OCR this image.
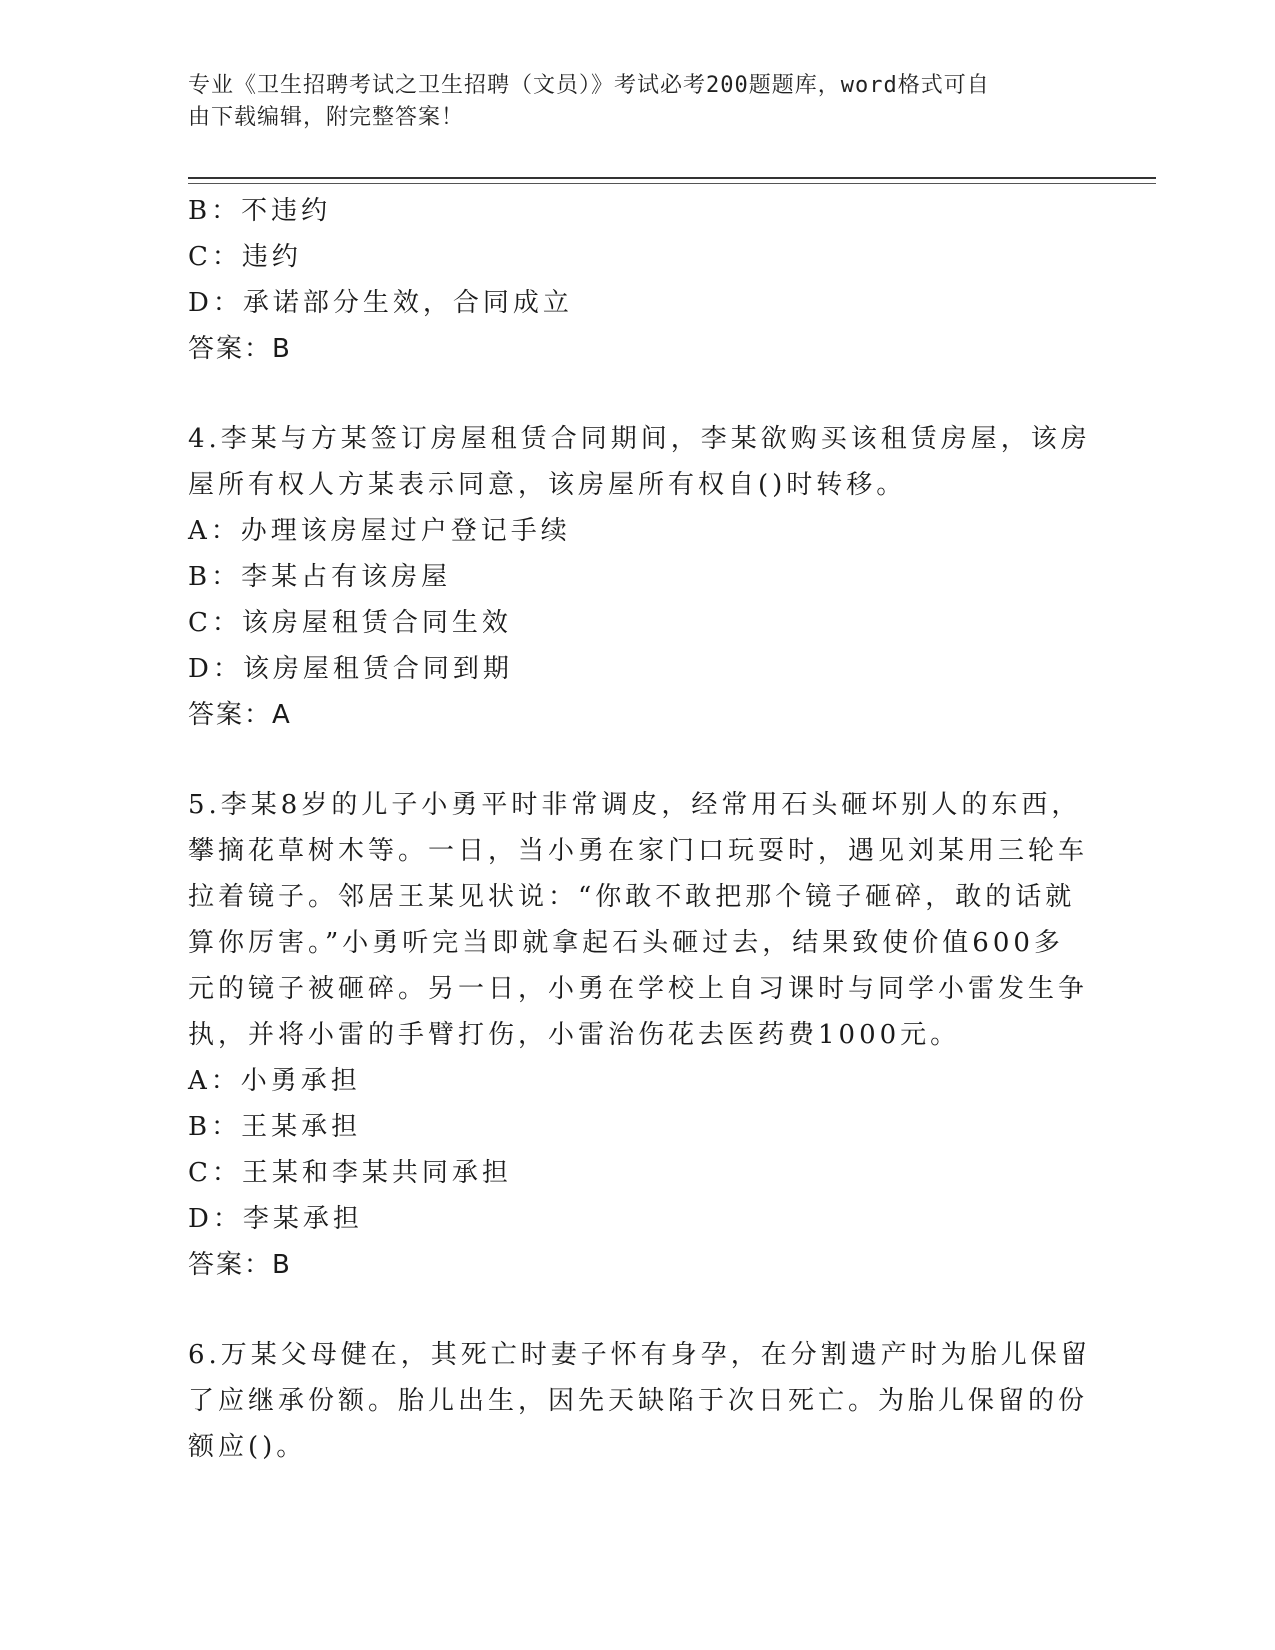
专业《卫生招聘考试之卫生招聘（文员）》考试必考200题题库，word格式可自
由下载编辑，附完整答案！
B：不违约
C：违约
D：承诺部分生效，合同成立
答案：B
4.李某与方某签订房屋租赁合同期间，李某欲购买该租赁房屋，该房
屋所有权人方某表示同意，该房屋所有权自()时转移。
A：办理该房屋过户登记手续
B：李某占有该房屋
C：该房屋租赁合同生效
D：该房屋租赁合同到期
答案：A
5.李某8岁的儿子小勇平时非常调皮，经常用石头砸坏别人的东西，
攀摘花草树木等。一日，当小勇在家门口玩耍时，遇见刘某用三轮车
拉着镜子。邻居王某见状说：“你敢不敢把那个镜子砸碎，敢的话就
算你厉害。”小勇听完当即就拿起石头砸过去，结果致使价值600多
元的镜子被砸碎。另一日，小勇在学校上自习课时与同学小雷发生争
执，并将小雷的手臂打伤，小雷治伤花去医药费1000元。
A：小勇承担
B：王某承担
C：王某和李某共同承担
D：李某承担
答案：B
6.万某父母健在，其死亡时妻子怀有身孕，在分割遗产时为胎儿保留
了应继承份额。胎儿出生，因先天缺陷于次日死亡。为胎儿保留的份
额应()。
